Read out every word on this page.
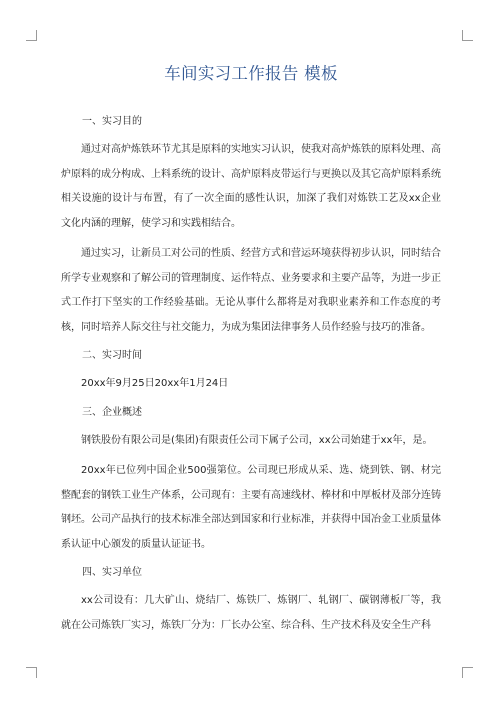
车间实习工作报告 模板

一、实习目的

通过对高炉炼铁环节尤其是原料的实地实习认识，使我对高炉炼铁的原料处理、高炉原料的成分构成、上料系统的设计、高炉原料皮带运行与更换以及其它高炉原料系统相关设施的设计与布置，有了一次全面的感性认识，加深了我们对炼铁工艺及xx企业文化内涵的理解，使学习和实践相结合。

通过实习，让新员工对公司的性质、经营方式和营运环境获得初步认识，同时结合所学专业观察和了解公司的管理制度、运作特点、业务要求和主要产品等，为进一步正式工作打下坚实的工作经验基础。无论从事什么都将是对我职业素养和工作态度的考核，同时培养人际交往与社交能力，为成为集团法律事务人员作经验与技巧的准备。

二、实习时间

20xx年9月25日20xx年1月24日

三、企业概述

钢铁股份有限公司是(集团)有限责任公司下属子公司，xx公司始建于xx年，是。

20xx年已位列中国企业500强第位。公司现已形成从采、选、烧到铁、钢、材完整配套的钢铁工业生产体系，公司现有：主要有高速线材、棒材和中厚板材及部分连铸钢坯。公司产品执行的技术标准全部达到国家和行业标准，并获得中国冶金工业质量体系认证中心颁发的质量认证证书。

四、实习单位

xx公司设有：几大矿山、烧结厂、炼铁厂、炼钢厂、轧钢厂、碳钢薄板厂等，我就在公司炼铁厂实习，炼铁厂分为：厂长办公室、综合科、生产技术科及安全生产科
